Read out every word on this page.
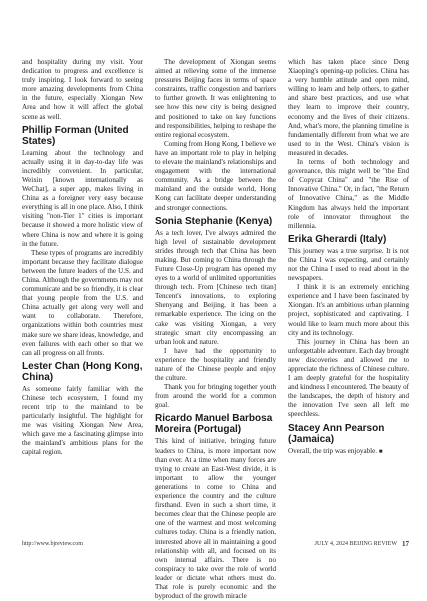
and hospitality during my visit. Your dedication to progress and excellence is truly inspiring. I look forward to seeing more amazing developments from China in the future, especially Xiongan New Area and how it will affect the global scene as well.

Phillip Forman (United States)

Learning about the technology and actually using it in day-to-day life was incredibly convenient. In particular, Weixin [known internationally as WeChat], a super app, makes living in China as a foreigner very easy because everything is all in one place. Also, I think visiting "non-Tier 1" cities is important because it showed a more holistic view of where China is now and where it is going in the future.

These types of programs are incredibly important because they facilitate dialogue between the future leaders of the U.S. and China. Although the governments may not communicate and be so friendly, it is clear that young people from the U.S. and China actually get along very well and want to collaborate. Therefore, organizations within both countries must make sure we share ideas, knowledge, and even failures with each other so that we can all progress on all fronts.

Lester Chan (Hong Kong, China)

As someone fairly familiar with the Chinese tech ecosystem, I found my recent trip to the mainland to be particularly insightful. The highlight for me was visiting Xiongan New Area, which gave me a fascinating glimpse into the mainland's ambitious plans for the capital region.

The development of Xiongan seems aimed at relieving some of the immense pressures Beijing faces in terms of space constraints, traffic congestion and barriers to further growth. It was enlightening to see how this new city is being designed and positioned to take on key functions and responsibilities, helping to reshape the entire regional ecosystem.

Coming from Hong Kong, I believe we have an important role to play in helping to elevate the mainland's relationships and engagement with the international community. As a bridge between the mainland and the outside world, Hong Kong can facilitate deeper understanding and stronger connections.

Sonia Stephanie (Kenya)

As a tech lover, I've always admired the high level of sustainable development strides through tech that China has been making. But coming to China through the Future Close-Up program has opened my eyes to a world of unlimited opportunities through tech. From [Chinese tech titan] Tencent's innovations, to exploring Shenyang and Beijing, it has been a remarkable experience. The icing on the cake was visiting Xiongan, a very strategic smart city encompassing an urban look and nature.

I have had the opportunity to experience the hospitality and friendly nature of the Chinese people and enjoy the culture.

Thank you for bringing together youth from around the world for a common goal.

Ricardo Manuel Barbosa Moreira (Portugal)

This kind of initiative, bringing future leaders to China, is more important now than ever. At a time when many forces are trying to create an East-West divide, it is important to allow the younger generations to come to China and experience the country and the culture firsthand. Even in such a short time, it becomes clear that the Chinese people are one of the warmest and most welcoming cultures today. China is a friendly nation, interested above all in maintaining a good relationship with all, and focused on its own internal affairs. There is no conspiracy to take over the role of world leader or dictate what others must do. That role is purely economic and the byproduct of the growth miracle

which has taken place since Deng Xiaoping's opening-up policies. China has a very humble attitude and open mind, willing to learn and help others, to gather and share best practices, and use what they learn to improve their country, economy and the lives of their citizens. And, what's more, the planning timeline is fundamentally different from what we are used to in the West. China's vision is measured in decades.

In terms of both technology and governance, this might well be "the End of Copycat China" and "the Rise of Innovative China." Or, in fact, "the Return of Innovative China," as the Middle Kingdom has always held the important role of innovator throughout the millennia.

Erika Gherardi (Italy)

This journey was a true surprise. It is not the China I was expecting, and certainly not the China I used to read about in the newspapers.

I think it is an extremely enriching experience and I have been fascinated by Xiongan. It's an ambitious urban planning project, sophisticated and captivating. I would like to learn much more about this city and its technology.

This journey in China has been an unforgettable adventure. Each day brought new discoveries and allowed me to appreciate the richness of Chinese culture. I am deeply grateful for the hospitality and kindness I encountered. The beauty of the landscapes, the depth of history and the innovation I've seen all left me speechless.

Stacey Ann Pearson (Jamaica)

Overall, the trip was enjoyable. ■

http://www.bjreview.com	JULY 4, 2024 BEIJING REVIEW 17
